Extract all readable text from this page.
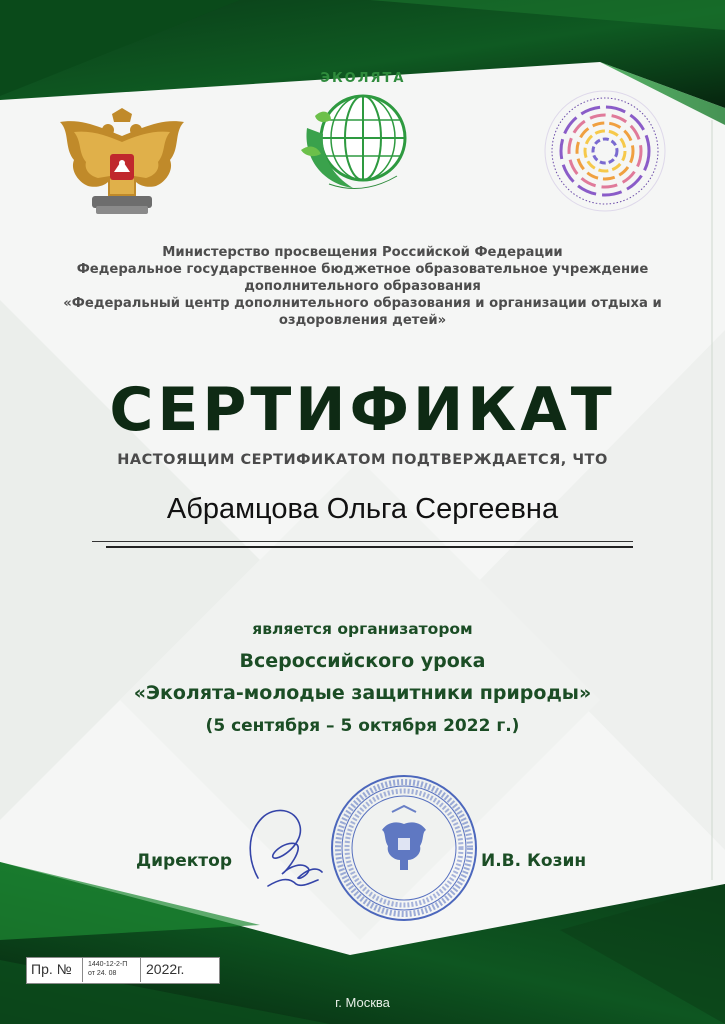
ЭКОЛЯТА
Министерство просвещения Российской Федерации
Федеральное государственное бюджетное образовательное учреждение
дополнительного образования
«Федеральный центр дополнительного образования и организации отдыха и
оздоровления детей»
СЕРТИФИКАТ
НАСТОЯЩИМ СЕРТИФИКАТОМ ПОДТВЕРЖДАЕТСЯ, ЧТО
Абрамцова Ольга Сергеевна
является организатором
Всероссийского урока
«Эколята-молодые защитники природы»
(5 сентября – 5 октября 2022 г.)
Директор	И.В. Козин
Пр. № 1440-12-2-П
от 24. 08	2022г.
г. Москва
